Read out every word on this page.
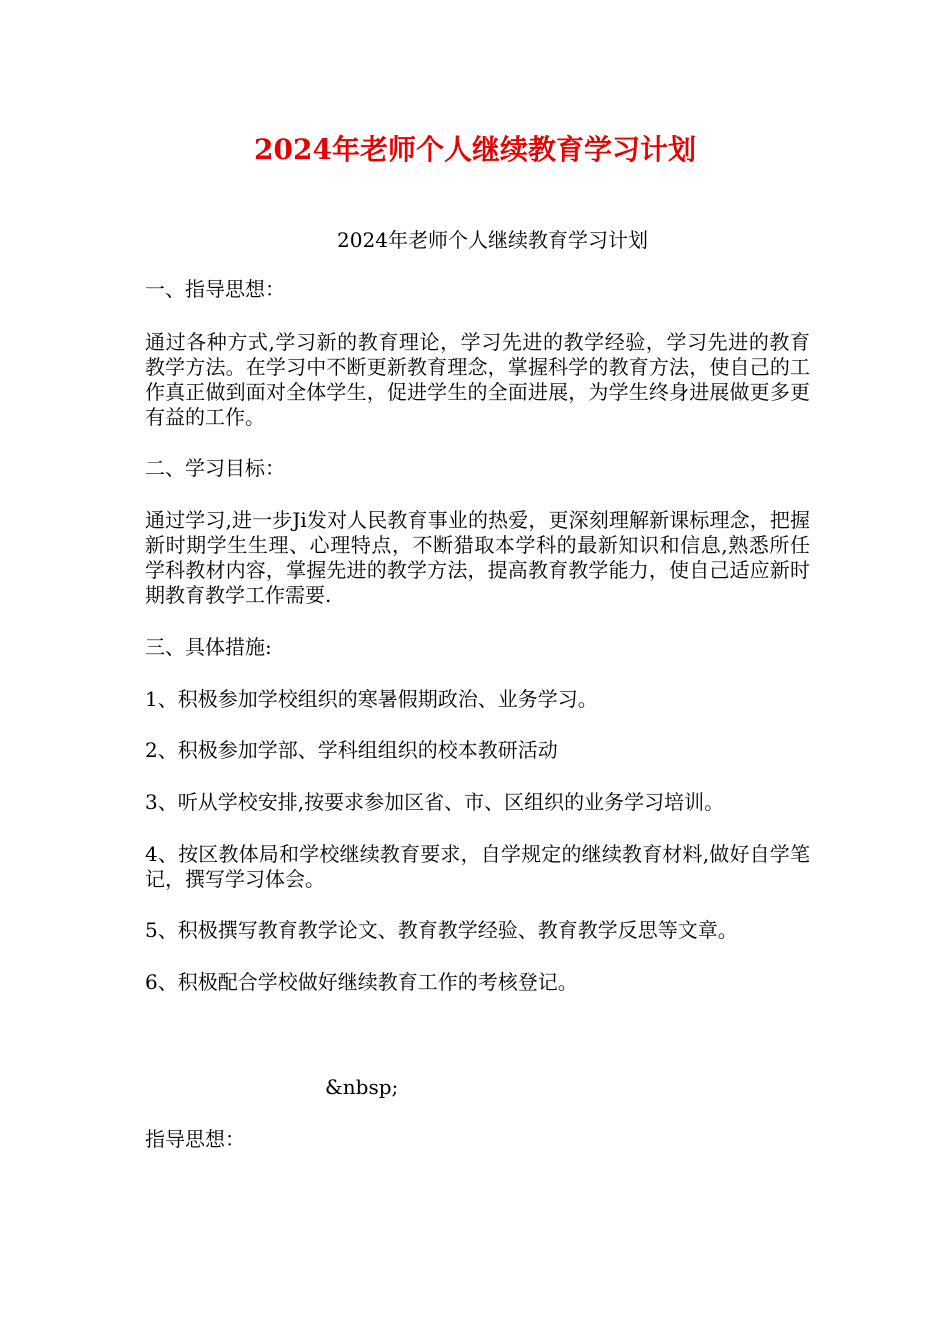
2024年老师个人继续教育学习计划

2024年老师个人继续教育学习计划

一、指导思想：

通过各种方式,学习新的教育理论，学习先进的教学经验，学习先进的教育教学方法。在学习中不断更新教育理念，掌握科学的教育方法，使自己的工作真正做到面对全体学生，促进学生的全面进展，为学生终身进展做更多更有益的工作。

二、学习目标：

通过学习,进一步Ji发对人民教育事业的热爱，更深刻理解新课标理念，把握新时期学生生理、心理特点，不断猎取本学科的最新知识和信息,熟悉所任学科教材内容，掌握先进的教学方法，提高教育教学能力，使自己适应新时期教育教学工作需要.

三、具体措施:

1、积极参加学校组织的寒暑假期政治、业务学习。

2、积极参加学部、学科组组织的校本教研活动

3、听从学校安排,按要求参加区省、市、区组织的业务学习培训。

4、按区教体局和学校继续教育要求，自学规定的继续教育材料,做好自学笔记，撰写学习体会。

5、积极撰写教育教学论文、教育教学经验、教育教学反思等文章。

6、积极配合学校做好继续教育工作的考核登记。

&nbsp;

指导思想：
